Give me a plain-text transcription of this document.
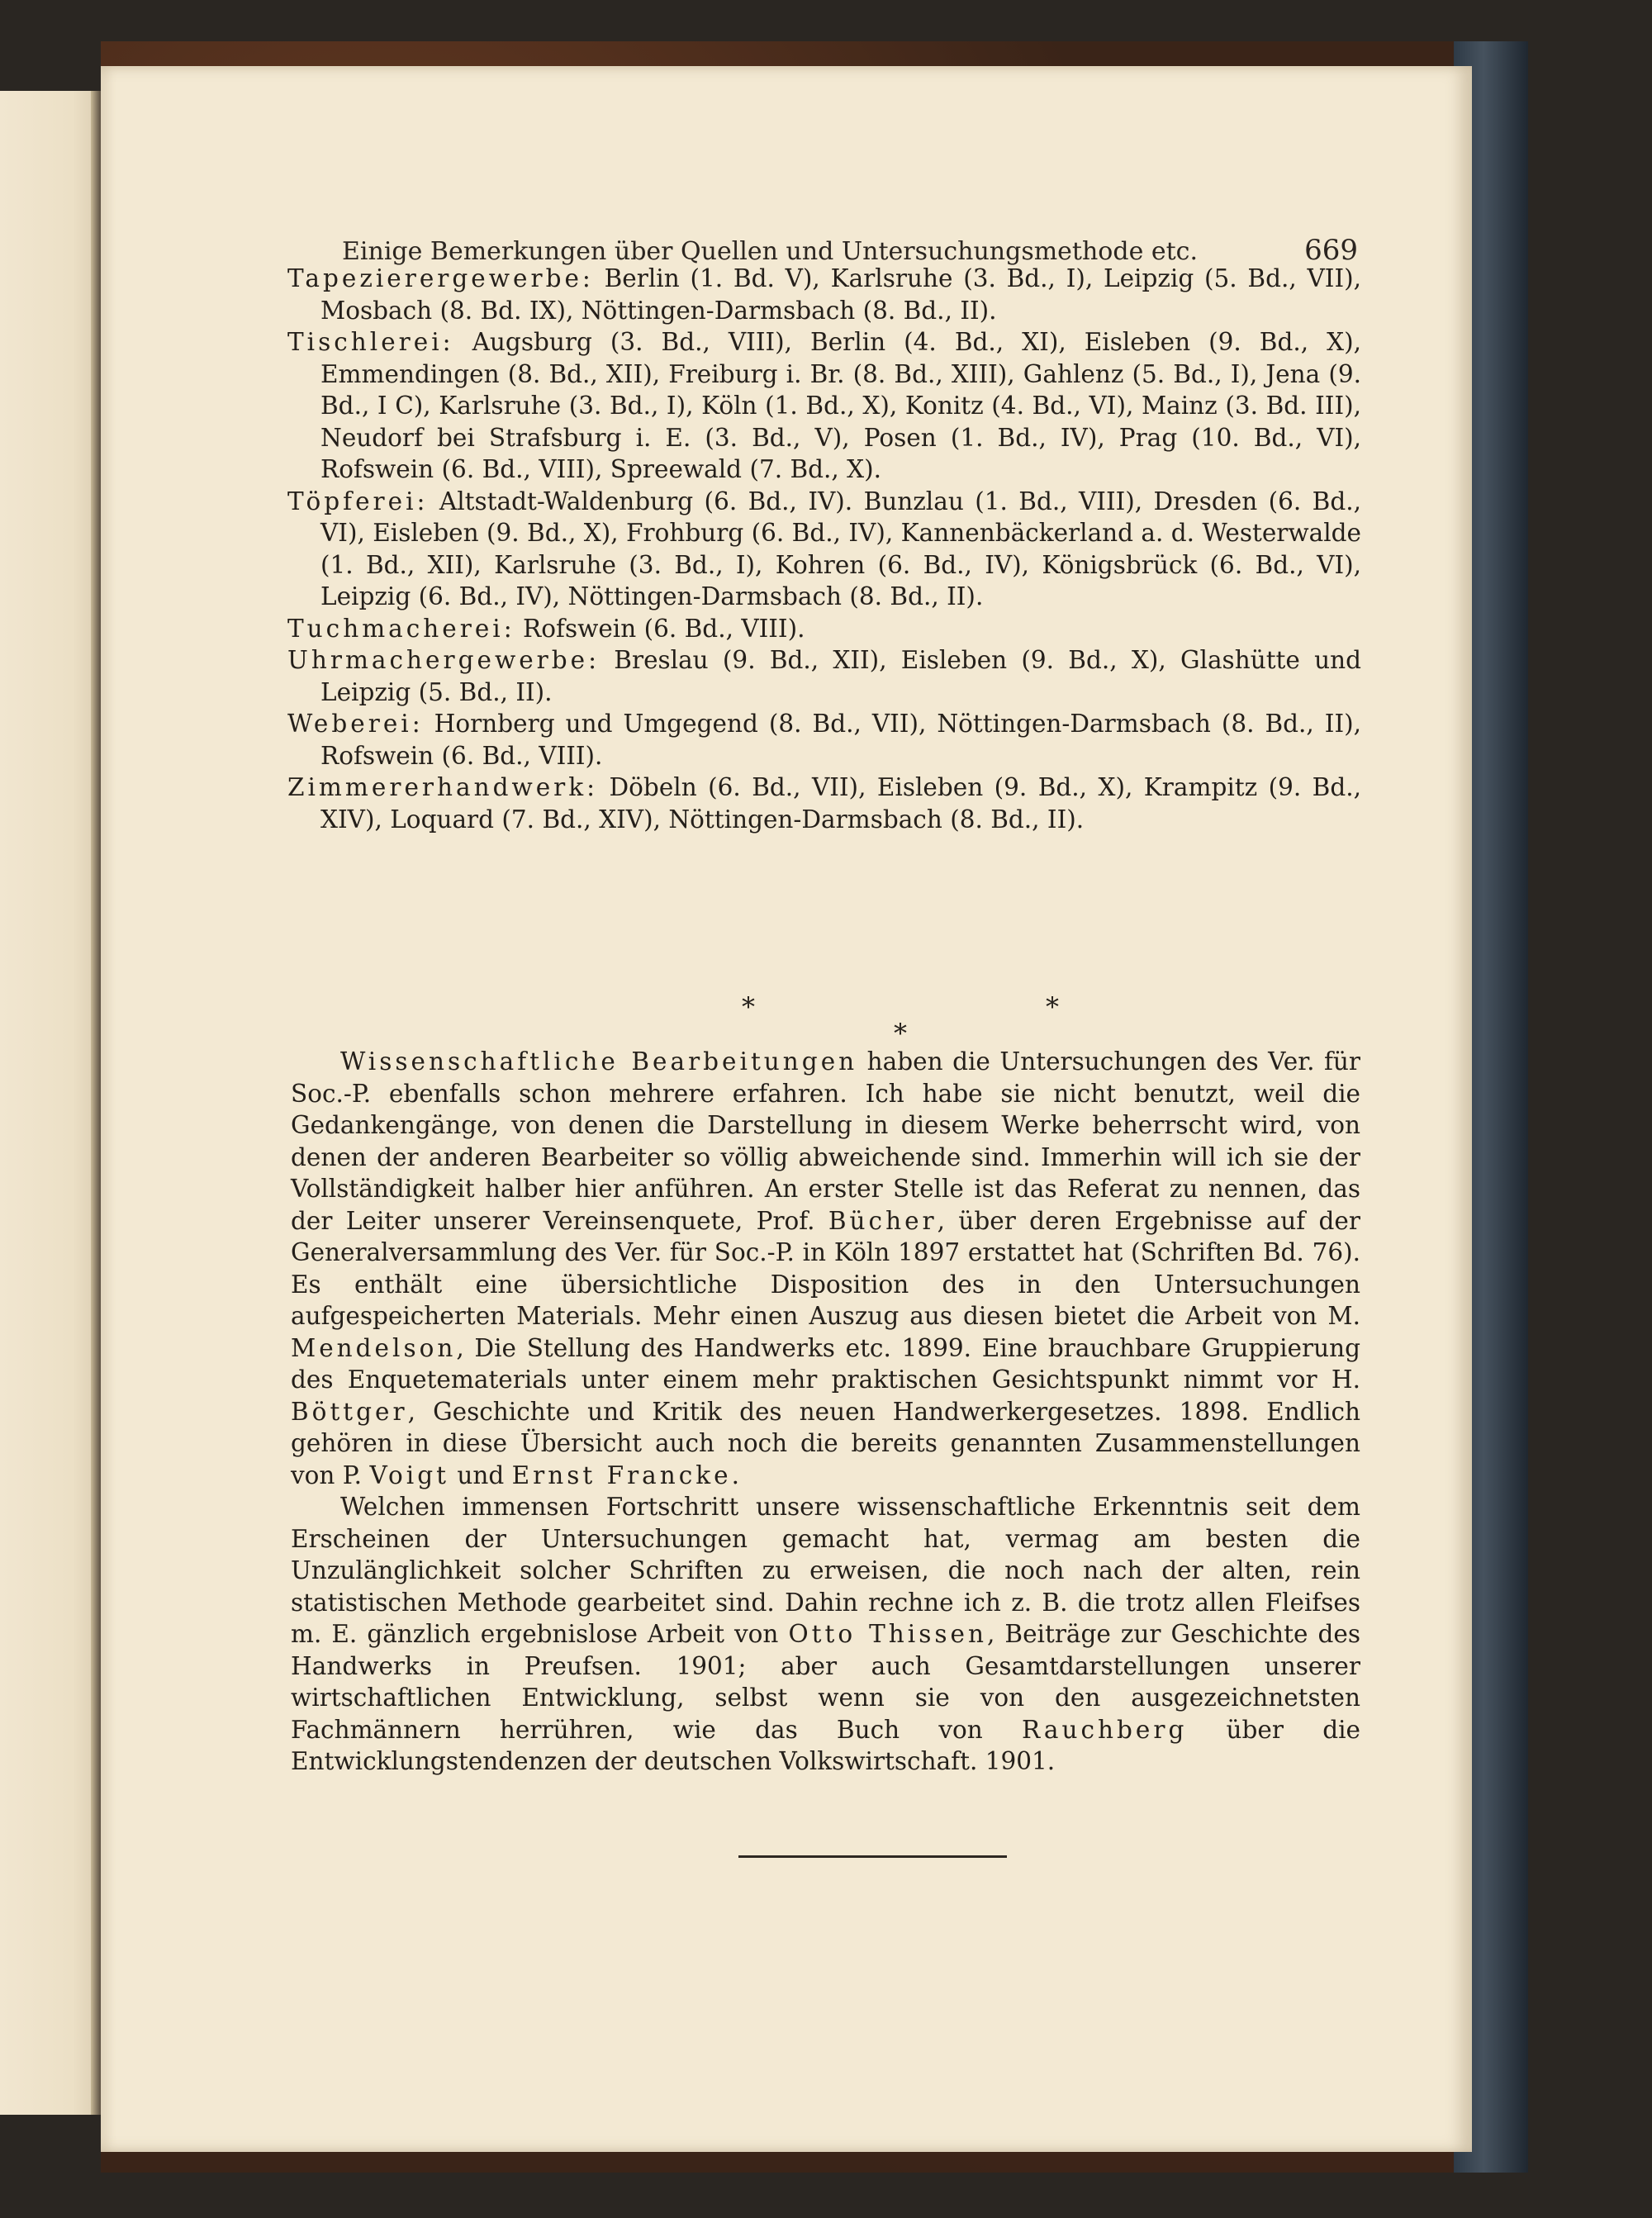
Einige Bemerkungen über Quellen und Untersuchungsmethode etc.	669

Tapezierergewerbe: Berlin (1. Bd. V), Karlsruhe (3. Bd., I), Leipzig (5. Bd., VII), Mosbach (8. Bd. IX), Nöttingen-Darmsbach (8. Bd., II).

Tischlerei: Augsburg (3. Bd., VIII), Berlin (4. Bd., XI), Eisleben (9. Bd., X), Emmendingen (8. Bd., XII), Freiburg i. Br. (8. Bd., XIII), Gahlenz (5. Bd., I), Jena (9. Bd., I C), Karlsruhe (3. Bd., I), Köln (1. Bd., X), Konitz (4. Bd., VI), Mainz (3. Bd. III), Neudorf bei Strafsburg i. E. (3. Bd., V), Posen (1. Bd., IV), Prag (10. Bd., VI), Rofswein (6. Bd., VIII), Spreewald (7. Bd., X).

Töpferei: Altstadt-Waldenburg (6. Bd., IV). Bunzlau (1. Bd., VIII), Dresden (6. Bd., VI), Eisleben (9. Bd., X), Frohburg (6. Bd., IV), Kannenbäckerland a. d. Westerwalde (1. Bd., XII), Karlsruhe (3. Bd., I), Kohren (6. Bd., IV), Königsbrück (6. Bd., VI), Leipzig (6. Bd., IV), Nöttingen-Darmsbach (8. Bd., II).

Tuchmacherei: Rofswein (6. Bd., VIII).

Uhrmachergewerbe: Breslau (9. Bd., XII), Eisleben (9. Bd., X), Glashütte und Leipzig (5. Bd., II).

Weberei: Hornberg und Umgegend (8. Bd., VII), Nöttingen-Darmsbach (8. Bd., II), Rofswein (6. Bd., VIII).

Zimmererhandwerk: Döbeln (6. Bd., VII), Eisleben (9. Bd., X), Krampitz (9. Bd., XIV), Loquard (7. Bd., XIV), Nöttingen-Darmsbach (8. Bd., II).

*	*
*

Wissenschaftliche Bearbeitungen haben die Untersuchungen des Ver. für Soc.-P. ebenfalls schon mehrere erfahren. Ich habe sie nicht benutzt, weil die Gedankengänge, von denen die Darstellung in diesem Werke beherrscht wird, von denen der anderen Bearbeiter so völlig abweichende sind. Immerhin will ich sie der Vollständigkeit halber hier anführen. An erster Stelle ist das Referat zu nennen, das der Leiter unserer Vereinsenquete, Prof. Bücher, über deren Ergebnisse auf der Generalversammlung des Ver. für Soc.-P. in Köln 1897 erstattet hat (Schriften Bd. 76). Es enthält eine übersichtliche Disposition des in den Untersuchungen aufgespeicherten Materials. Mehr einen Auszug aus diesen bietet die Arbeit von M. Mendelson, Die Stellung des Handwerks etc. 1899. Eine brauchbare Gruppierung des Enquetematerials unter einem mehr praktischen Gesichtspunkt nimmt vor H. Böttger, Geschichte und Kritik des neuen Handwerkergesetzes. 1898. Endlich gehören in diese Übersicht auch noch die bereits genannten Zusammenstellungen von P. Voigt und Ernst Francke.

Welchen immensen Fortschritt unsere wissenschaftliche Erkenntnis seit dem Erscheinen der Untersuchungen gemacht hat, vermag am besten die Unzulänglichkeit solcher Schriften zu erweisen, die noch nach der alten, rein statistischen Methode gearbeitet sind. Dahin rechne ich z. B. die trotz allen Fleifses m. E. gänzlich ergebnislose Arbeit von Otto Thissen, Beiträge zur Geschichte des Handwerks in Preufsen. 1901; aber auch Gesamtdarstellungen unserer wirtschaftlichen Entwicklung, selbst wenn sie von den ausgezeichnetsten Fachmännern herrühren, wie das Buch von Rauchberg über die Entwicklungstendenzen der deutschen Volkswirtschaft. 1901.
